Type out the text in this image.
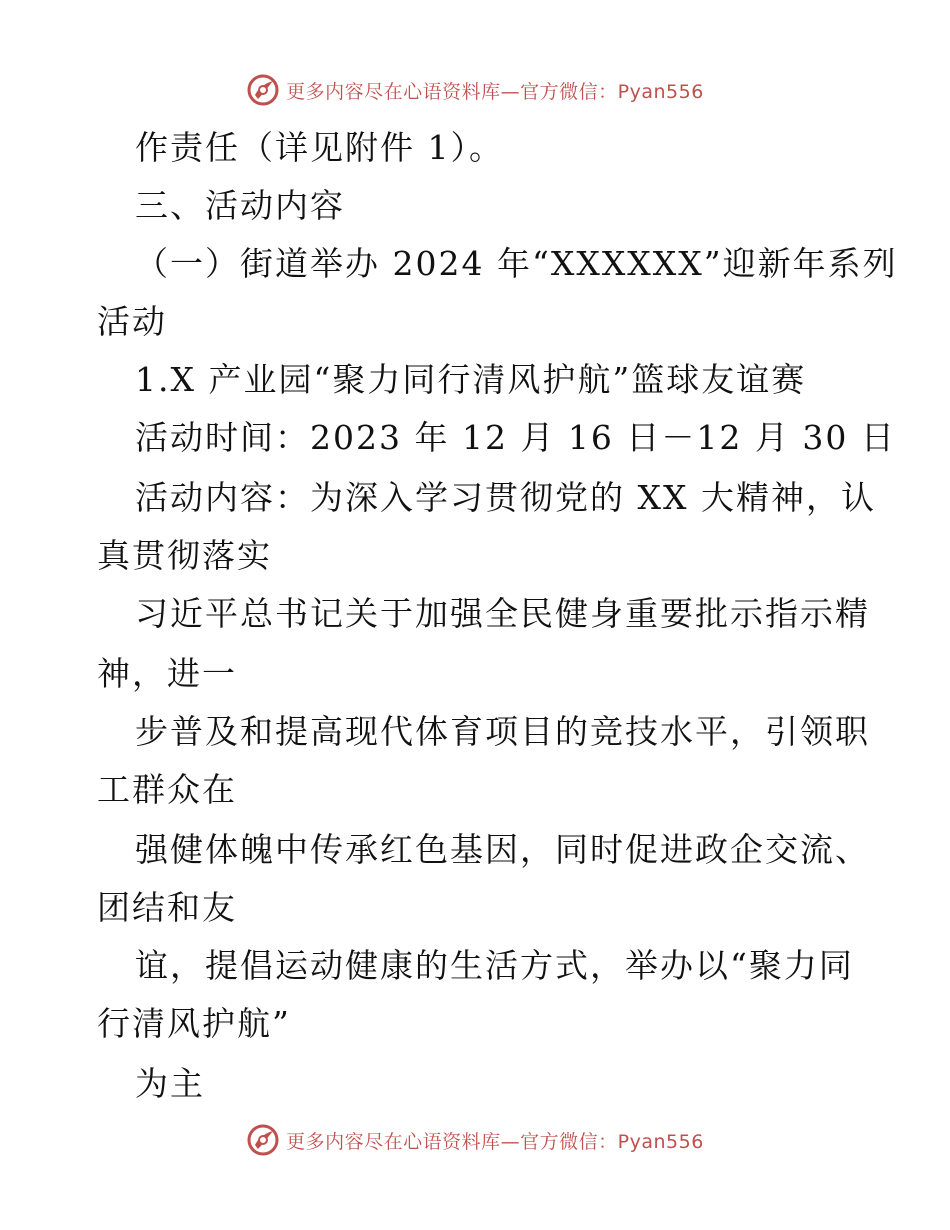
更多内容尽在心语资料库—官方微信：Pyan556
作责任（详见附件 1）。
三、活动内容
（一）街道举办 2024 年“XXXXXX”迎新年系列
活动
1.X 产业园“聚力同行清风护航”篮球友谊赛
活动时间：2023 年 12 月 16 日－12 月 30 日
活动内容：为深入学习贯彻党的 XX 大精神，认
真贯彻落实
习近平总书记关于加强全民健身重要批示指示精
神，进一
步普及和提高现代体育项目的竞技水平，引领职
工群众在
强健体魄中传承红色基因，同时促进政企交流、
团结和友
谊，提倡运动健康的生活方式，举办以“聚力同
行清风护航”
为主
更多内容尽在心语资料库—官方微信：Pyan556
